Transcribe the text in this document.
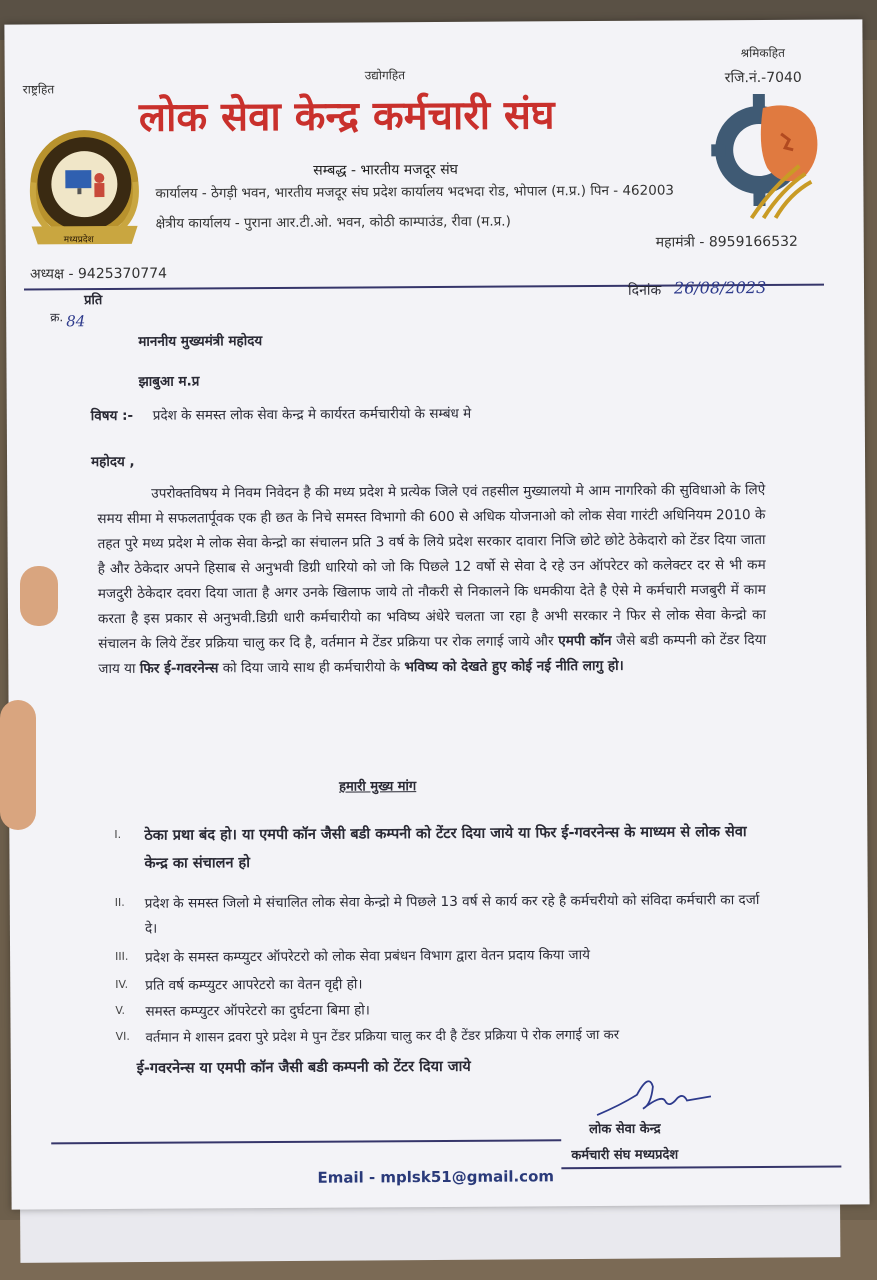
राष्ट्रहित
उद्योगहित
श्रमिकहित
रजि.नं.-7040
मध्यप्रदेश
लोक सेवा केन्द्र कर्मचारी संघ
सम्बद्ध - भारतीय मजदूर संघ
कार्यालय - ठेगड़ी भवन, भारतीय मजदूर संघ प्रदेश कार्यालय भदभदा रोड, भोपाल (म.प्र.) पिन - 462003
क्षेत्रीय कार्यालय - पुराना आर.टी.ओ. भवन, कोठी काम्पाउंड, रीवा (म.प्र.)
महामंत्री - 8959166532
अध्यक्ष - 9425370774
प्रति
क्र. 84
दिनांक 26/08/2023
माननीय मुख्यमंत्री महोदय
झाबुआ म.प्र
विषय :- प्रदेश के समस्त लोक सेवा केन्द्र मे कार्यरत कर्मचारीयो के सम्बंध मे
महोदय ,
उपरोक्तविषय मे निवम निवेदन है की मध्य प्रदेश मे प्रत्येक जिले एवं तहसील मुख्यालयो मे आम नागरिको की सुविधाओ के लिऐ समय सीमा मे सफलतार्पूवक एक ही छत के निचे समस्त विभागो की 600 से अधिक योजनाओ को लोक सेवा गारंटी अधिनियम 2010 के तहत पुरे मध्य प्रदेश मे लोक सेवा केन्द्रो का संचालन प्रति 3 वर्ष के लिये प्रदेश सरकार दावारा निजि छोटे छोटे ठेकेदारो को टेंडर दिया जाता है और ठेकेदार अपने हिसाब से अनुभवी डिग्री धारियो को जो कि पिछले 12 वर्षो से सेवा दे रहे उन ऑपरेटर को कलेक्टर दर से भी कम मजदुरी ठेकेदार दवरा दिया जाता है अगर उनके खिलाफ जाये तो नौकरी से निकालने कि धमकीया देते है ऐसे मे कर्मचारी मजबुरी में काम करता है इस प्रकार से अनुभवी.डिग्री धारी कर्मचारीयो का भविष्य अंधेरे चलता जा रहा है अभी सरकार ने फिर से लोक सेवा केन्द्रो का संचालन के लिये टेंडर प्रक्रिया चालु कर दि है, वर्तमान मे टेंडर प्रक्रिया पर रोक लगाई जाये और एमपी कॉन जैसे बडी कम्पनी को टेंडर दिया जाय या फिर ई-गवरनेन्स को दिया जाये साथ ही कर्मचारीयो के भविष्य को देखते हुए कोई नई नीति लागु हो।
हमारी मुख्य मांग
I. ठेका प्रथा बंद हो। या एमपी कॉन जैसी बडी कम्पनी को टेंटर दिया जाये या फिर ई-गवरनेन्स के माध्यम से लोक सेवा केन्द्र का संचालन हो
II. प्रदेश के समस्त जिलो मे संचालित लोक सेवा केन्द्रो मे पिछले 13 वर्ष से कार्य कर रहे है कर्मचरीयो को संविदा कर्मचारी का दर्जा दे।
III. प्रदेश के समस्त कम्प्युटर ऑपरेटरो को लोक सेवा प्रबंधन विभाग द्वारा वेतन प्रदाय किया जाये
IV. प्रति वर्ष कम्प्युटर आपरेटरो का वेतन वृद्दी हो।
V. समस्त कम्प्युटर ऑपरेटरो का दुर्घटना बिमा हो।
VI. वर्तमान मे शासन द्रवरा पुरे प्रदेश मे पुन टेंडर प्रक्रिया चालु कर दी है टेंडर प्रक्रिया पे रोक लगाई जा कर
ई-गवरनेन्स या एमपी कॉन जैसी बडी कम्पनी को टेंटर दिया जाये
लोक सेवा केन्द्र
कर्मचारी संघ मध्यप्रदेश
Email - mplsk51@gmail.com
